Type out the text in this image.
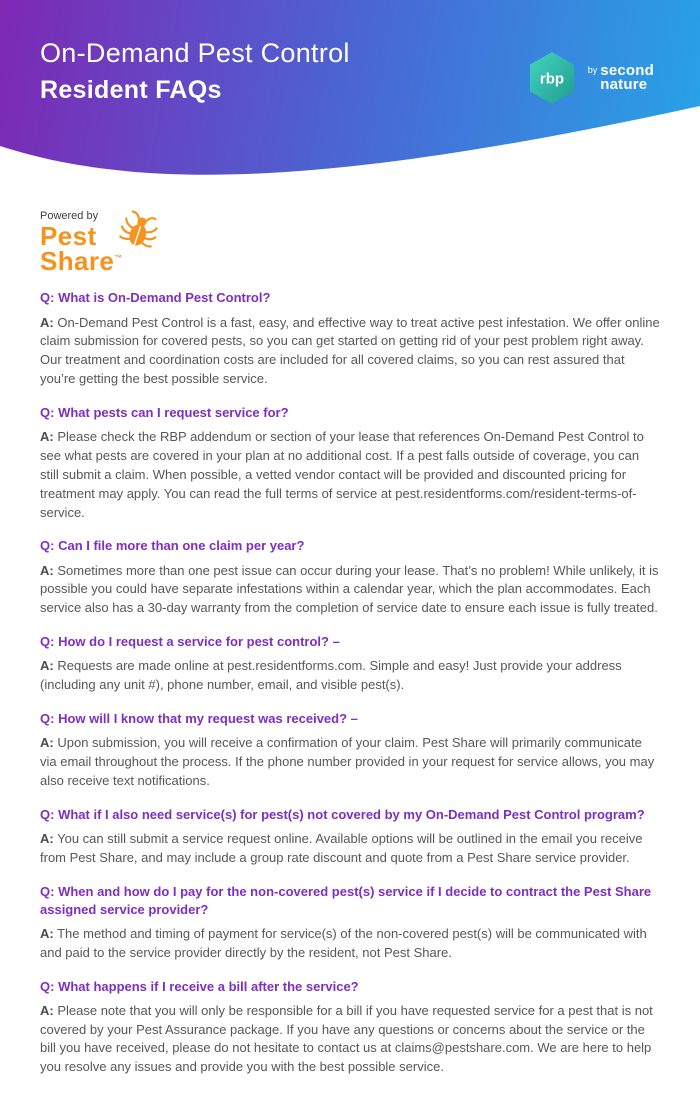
On-Demand Pest Control
Resident FAQs	rbp
by second
nature

Powered by

Pest

Share™

Q: What is On-Demand Pest Control?

A: On-Demand Pest Control is a fast, easy, and effective way to treat active pest infestation. We offer online claim submission for covered pests, so you can get started on getting rid of your pest problem right away. Our treatment and coordination costs are included for all covered claims, so you can rest assured that you’re getting the best possible service.

Q: What pests can I request service for?

A: Please check the RBP addendum or section of your lease that references On-Demand Pest Control to see what pests are covered in your plan at no additional cost. If a pest falls outside of coverage, you can still submit a claim. When possible, a vetted vendor contact will be provided and discounted pricing for treatment may apply. You can read the full terms of service at pest.residentforms.com/resident-terms-of-service.

Q: Can I file more than one claim per year?

A: Sometimes more than one pest issue can occur during your lease. That’s no problem! While unlikely, it is possible you could have separate infestations within a calendar year, which the plan accommodates. Each service also has a 30-day warranty from the completion of service date to ensure each issue is fully treated.

Q: How do I request a service for pest control? –

A: Requests are made online at pest.residentforms.com. Simple and easy! Just provide your address (including any unit #), phone number, email, and visible pest(s).

Q: How will I know that my request was received? –

A: Upon submission, you will receive a confirmation of your claim. Pest Share will primarily communicate via email throughout the process. If the phone number provided in your request for service allows, you may also receive text notifications.

Q: What if I also need service(s) for pest(s) not covered by my On-Demand Pest Control program?

A: You can still submit a service request online. Available options will be outlined in the email you receive from Pest Share, and may include a group rate discount and quote from a Pest Share service provider.

Q: When and how do I pay for the non-covered pest(s) service if I decide to contract the Pest Share assigned service provider?

A: The method and timing of payment for service(s) of the non-covered pest(s) will be communicated with and paid to the service provider directly by the resident, not Pest Share.

Q: What happens if I receive a bill after the service?

A: Please note that you will only be responsible for a bill if you have requested service for a pest that is not covered by your Pest Assurance package. If you have any questions or concerns about the service or the bill you have received, please do not hesitate to contact us at claims@pestshare.com. We are here to help you resolve any issues and provide you with the best possible service.
